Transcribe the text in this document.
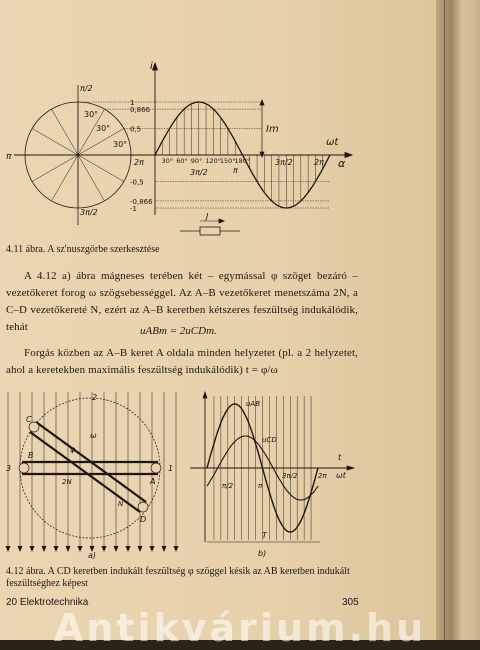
i
ωt
α
Im
π/2
π
3π/2
30°
30°
30°
1
0,866
0,5
-0,5
-0,866
-1
30° 60° 90° 120°
150°
180°
2π
π
3π/2	2π
3π/2
J

4.11 ábra. A sz'nuszgörbe szerkesztése

A 4.12 a) ábra mágneses terében két – egymással φ szöget bezáró – vezetőkeret forog ω szögsebességgel. Az A–B vezetőkeret menetszáma 2N, a C–D vezetőkereté N, ezért az A–B keretben kétszeres feszültség indukálódik, tehát	uABm = 2uCDm.

Forgás közben az A–B keret A oldala minden helyzetet (pl. a 2 helyzetet, ahol a keretekben maximális feszültség indukálódik) t = φ/ω

2
3	1
B
C
A
D
N
2N
φ
ω
uAB
uCD
t
ωt
T
π/2	π
3π/2	2π
a)	b)

4.12 ábra. A CD keretben indukált feszültség φ szöggel késik az AB keretben indukált feszültséghez képest

20 Elektrotechnika	305
Antikvárium.hu
